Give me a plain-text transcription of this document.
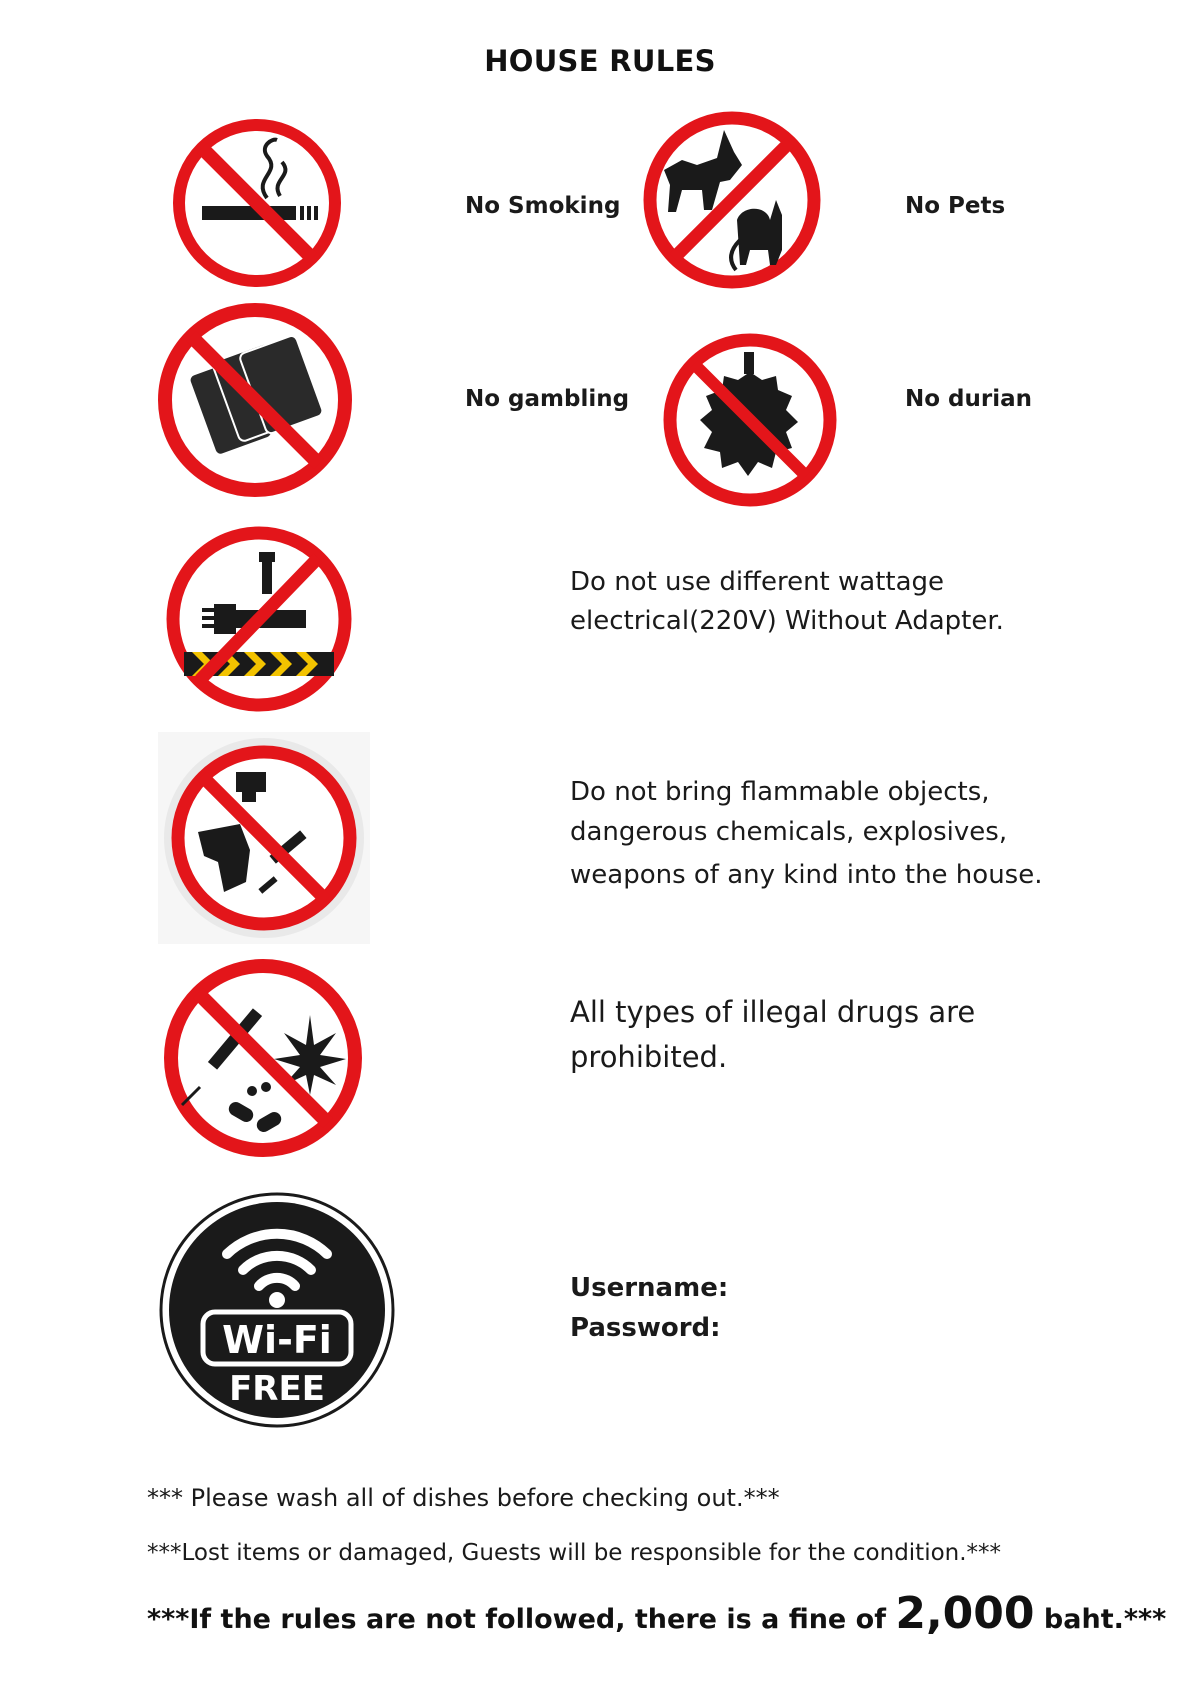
HOUSE RULES
No Smoking	No Pets
No gambling	No durian
Do not use different wattage
electrical(220V) Without Adapter.
Do not bring flammable objects,
dangerous chemicals, explosives,
weapons of any kind into the house.
All types of illegal drugs are
prohibited.
Wi-Fi
FREE
Username:
Password:
*** Please wash all of dishes before checking out.***
***Lost items or damaged, Guests will be responsible for the condition.***
***If the rules are not followed, there is a fine of 2,000 baht.***
